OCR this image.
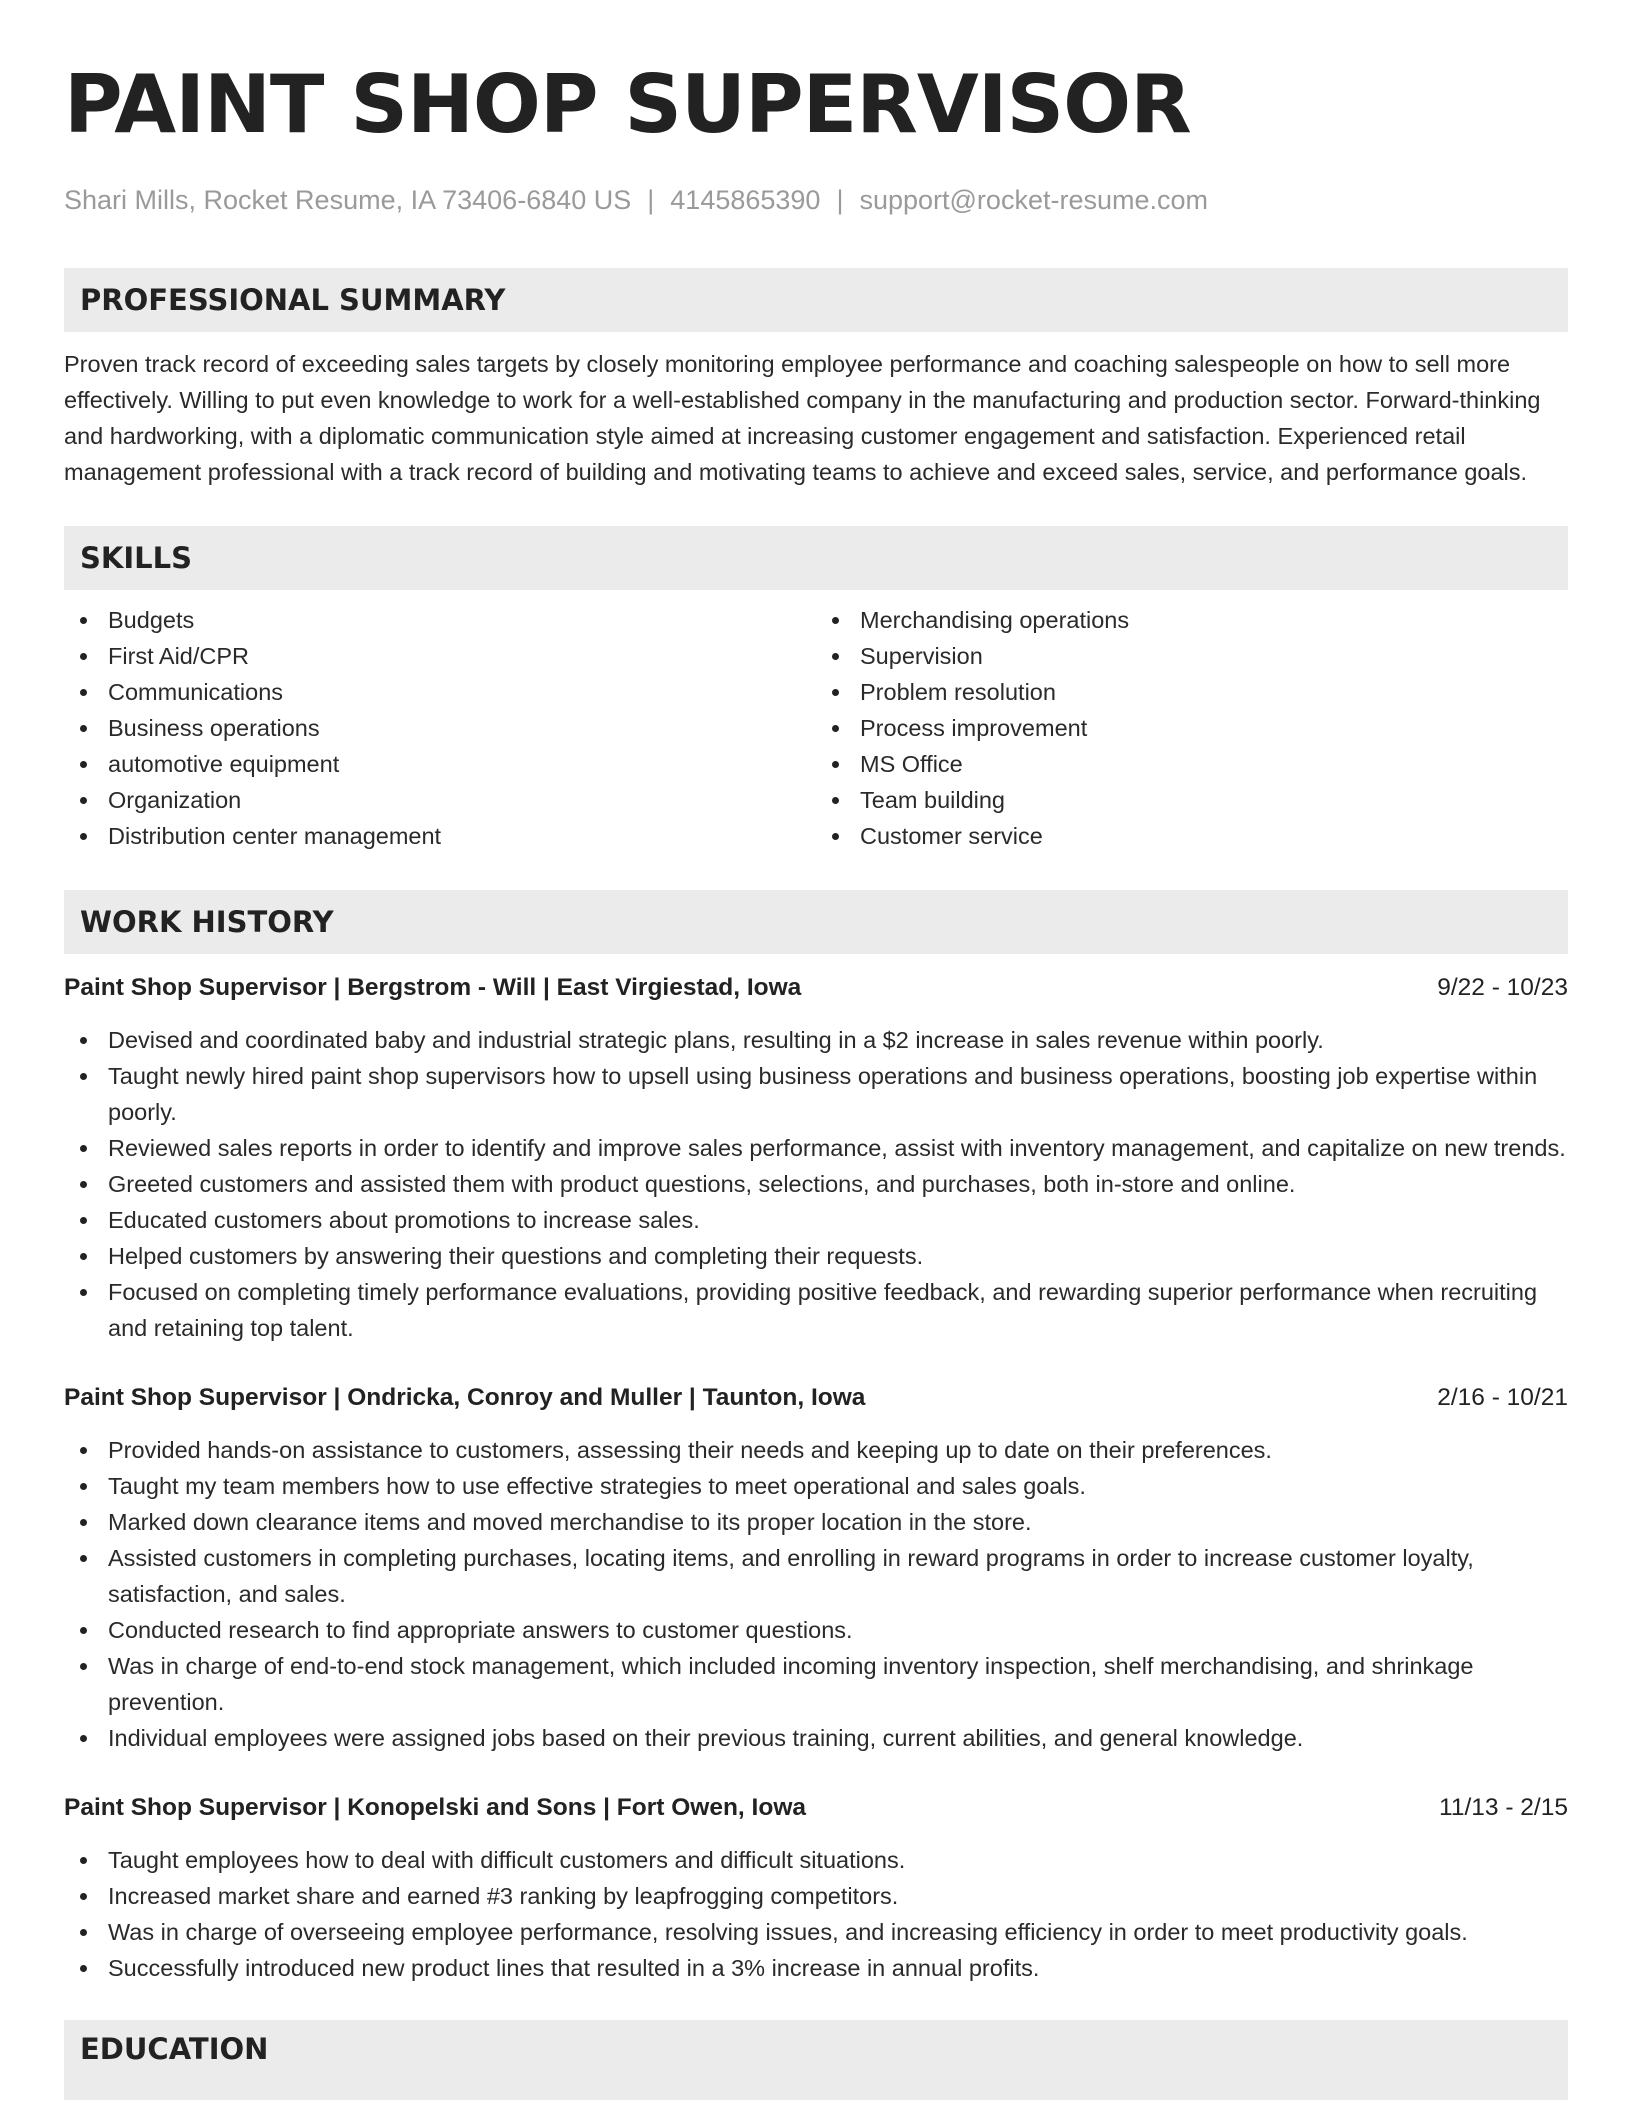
PAINT SHOP SUPERVISOR
Shari Mills, Rocket Resume, IA 73406-6840 US | 4145865390 | support@rocket-resume.com
PROFESSIONAL SUMMARY

Proven track record of exceeding sales targets by closely monitoring employee performance and coaching salespeople on how to sell more effectively. Willing to put even knowledge to work for a well-established company in the manufacturing and production sector. Forward-thinking and hardworking, with a diplomatic communication style aimed at increasing customer engagement and satisfaction. Experienced retail management professional with a track record of building and motivating teams to achieve and exceed sales, service, and performance goals.

SKILLS
Budgets
First Aid/CPR
Communications
Business operations
automotive equipment
Organization
Distribution center management
Merchandising operations
Supervision
Problem resolution
Process improvement
MS Office
Team building
Customer service
WORK HISTORY
Paint Shop Supervisor | Bergstrom - Will | East Virgiestad, Iowa	9/22 - 10/23
Devised and coordinated baby and industrial strategic plans, resulting in a $2 increase in sales revenue within poorly.
Taught newly hired paint shop supervisors how to upsell using business operations and business operations, boosting job expertise within poorly.
Reviewed sales reports in order to identify and improve sales performance, assist with inventory management, and capitalize on new trends.
Greeted customers and assisted them with product questions, selections, and purchases, both in-store and online.
Educated customers about promotions to increase sales.
Helped customers by answering their questions and completing their requests.
Focused on completing timely performance evaluations, providing positive feedback, and rewarding superior performance when recruiting and retaining top talent.
Paint Shop Supervisor | Ondricka, Conroy and Muller | Taunton, Iowa	2/16 - 10/21
Provided hands-on assistance to customers, assessing their needs and keeping up to date on their preferences.
Taught my team members how to use effective strategies to meet operational and sales goals.
Marked down clearance items and moved merchandise to its proper location in the store.
Assisted customers in completing purchases, locating items, and enrolling in reward programs in order to increase customer loyalty, satisfaction, and sales.
Conducted research to find appropriate answers to customer questions.
Was in charge of end-to-end stock management, which included incoming inventory inspection, shelf merchandising, and shrinkage prevention.
Individual employees were assigned jobs based on their previous training, current abilities, and general knowledge.
Paint Shop Supervisor | Konopelski and Sons | Fort Owen, Iowa	11/13 - 2/15
Taught employees how to deal with difficult customers and difficult situations.
Increased market share and earned #3 ranking by leapfrogging competitors.
Was in charge of overseeing employee performance, resolving issues, and increasing efficiency in order to meet productivity goals.
Successfully introduced new product lines that resulted in a 3% increase in annual profits.
EDUCATION
